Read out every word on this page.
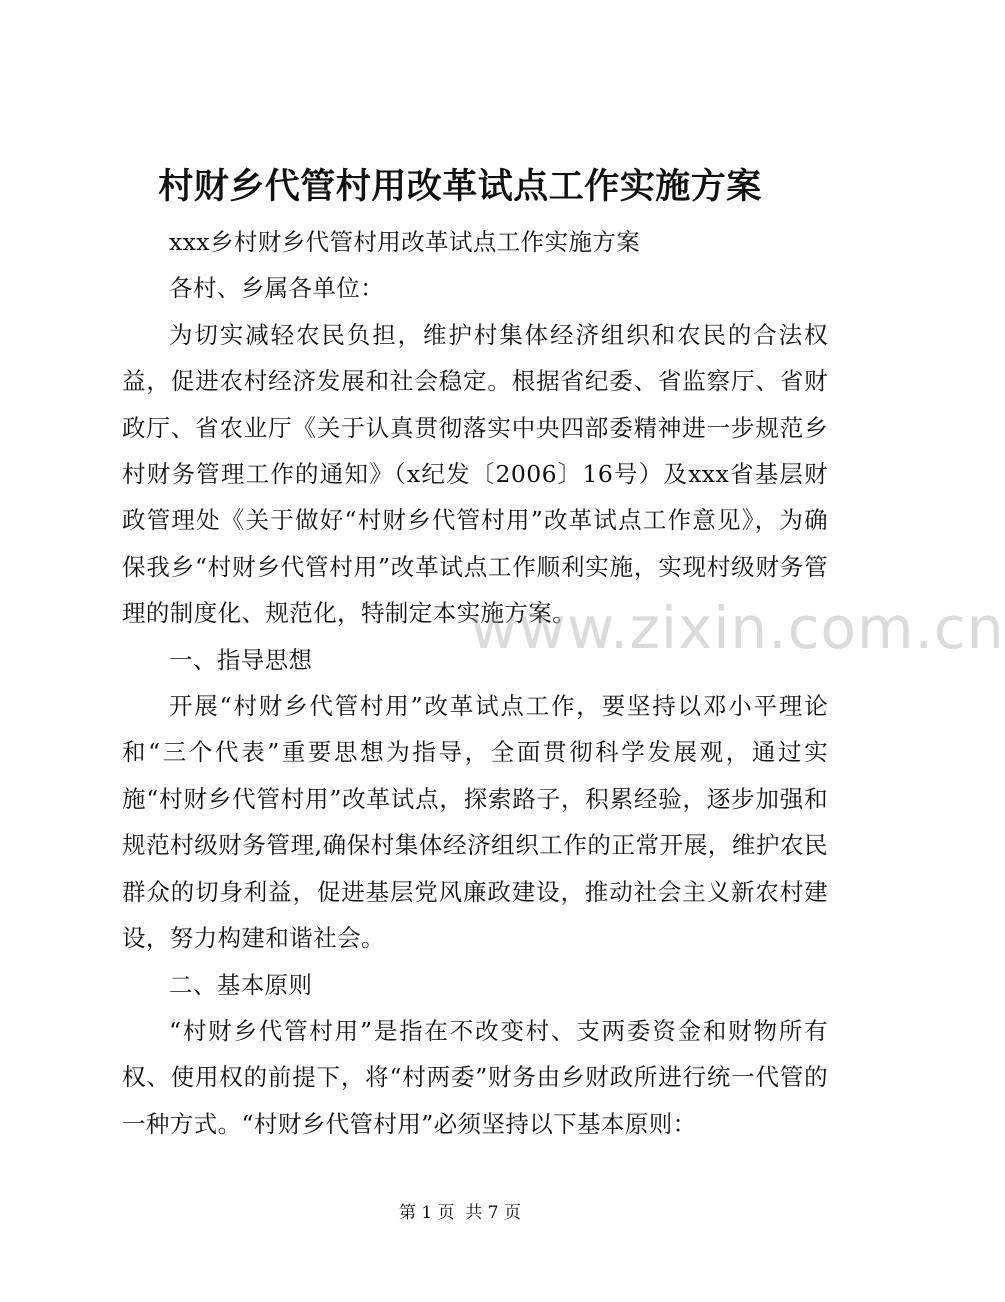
村财乡代管村用改革试点工作实施方案

xxx乡村财乡代管村用改革试点工作实施方案

各村、乡属各单位：

为切实减轻农民负担，维护村集体经济组织和农民的合法权益，促进农村经济发展和社会稳定。根据省纪委、省监察厅、省财政厅、省农业厅《关于认真贯彻落实中央四部委精神进一步规范乡村财务管理工作的通知》（x纪发〔2006〕16号）及xxx省基层财政管理处《关于做好“村财乡代管村用”改革试点工作意见》，为确保我乡“村财乡代管村用”改革试点工作顺利实施，实现村级财务管理的制度化、规范化，特制定本实施方案。

一、指导思想

开展“村财乡代管村用”改革试点工作，要坚持以邓小平理论和“三个代表”重要思想为指导，全面贯彻科学发展观，通过实施“村财乡代管村用”改革试点，探索路子，积累经验，逐步加强和规范村级财务管理,确保村集体经济组织工作的正常开展，维护农民群众的切身利益，促进基层党风廉政建设，推动社会主义新农村建设，努力构建和谐社会。

二、基本原则

“村财乡代管村用”是指在不改变村、支两委资金和财物所有权、使用权的前提下，将“村两委”财务由乡财政所进行统一代管的一种方式。“村财乡代管村用”必须坚持以下基本原则：

www.zixin.com.cn
第 1 页  共 7 页
